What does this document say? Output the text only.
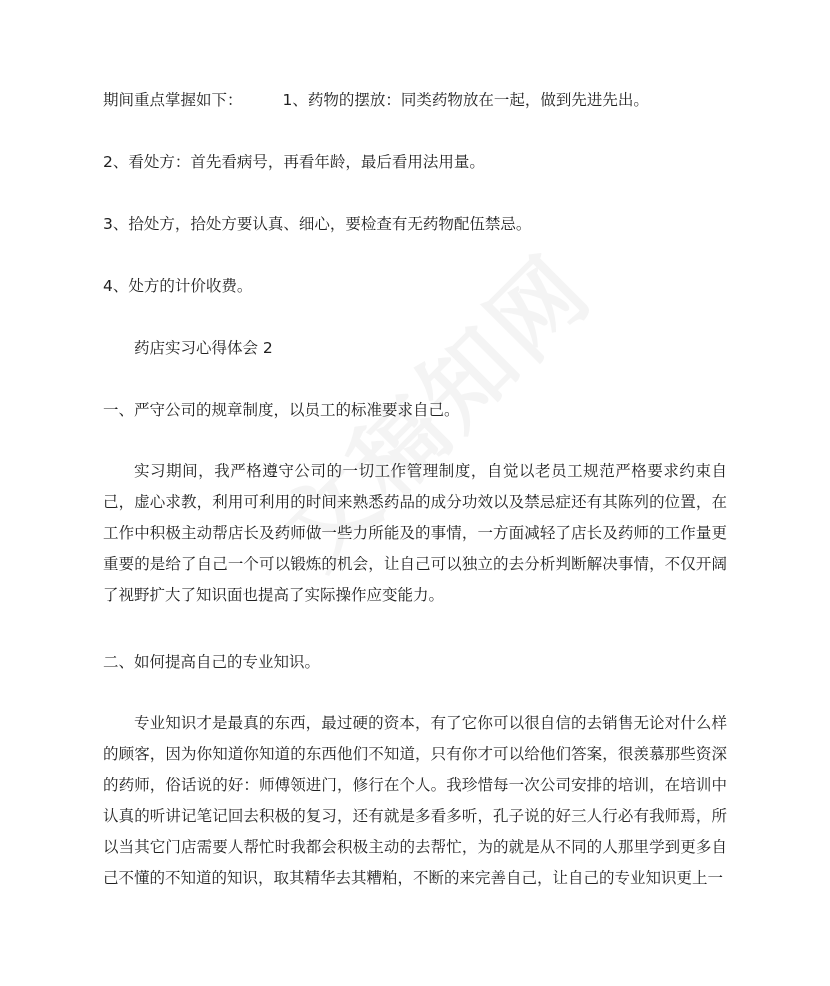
期间重点掌握如下：	1、药物的摆放：同类药物放在一起，做到先进先出。
2、看处方：首先看病号，再看年龄，最后看用法用量。
3、拾处方，拾处方要认真、细心，要检查有无药物配伍禁忌。
4、处方的计价收费。
药店实习心得体会 2
一、严守公司的规章制度，以员工的标准要求自己。
实习期间，我严格遵守公司的一切工作管理制度，自觉以老员工规范严格要求约束自己，虚心求教，利用可利用的时间来熟悉药品的成分功效以及禁忌症还有其陈列的位置，在工作中积极主动帮店长及药师做一些力所能及的事情，一方面减轻了店长及药师的工作量更重要的是给了自己一个可以锻炼的机会，让自己可以独立的去分析判断解决事情，不仅开阔了视野扩大了知识面也提高了实际操作应变能力。
二、如何提高自己的专业知识。
专业知识才是最真的东西，最过硬的资本，有了它你可以很自信的去销售无论对什么样的顾客，因为你知道你知道的东西他们不知道，只有你才可以给他们答案，很羡慕那些资深的药师，俗话说的好：师傅领进门，修行在个人。我珍惜每一次公司安排的培训，在培训中认真的听讲记笔记回去积极的复习，还有就是多看多听，孔子说的好三人行必有我师焉，所以当其它门店需要人帮忙时我都会积极主动的去帮忙，为的就是从不同的人那里学到更多自己不懂的不知道的知识，取其精华去其糟粕，不断的来完善自己，让自己的专业知识更上一
